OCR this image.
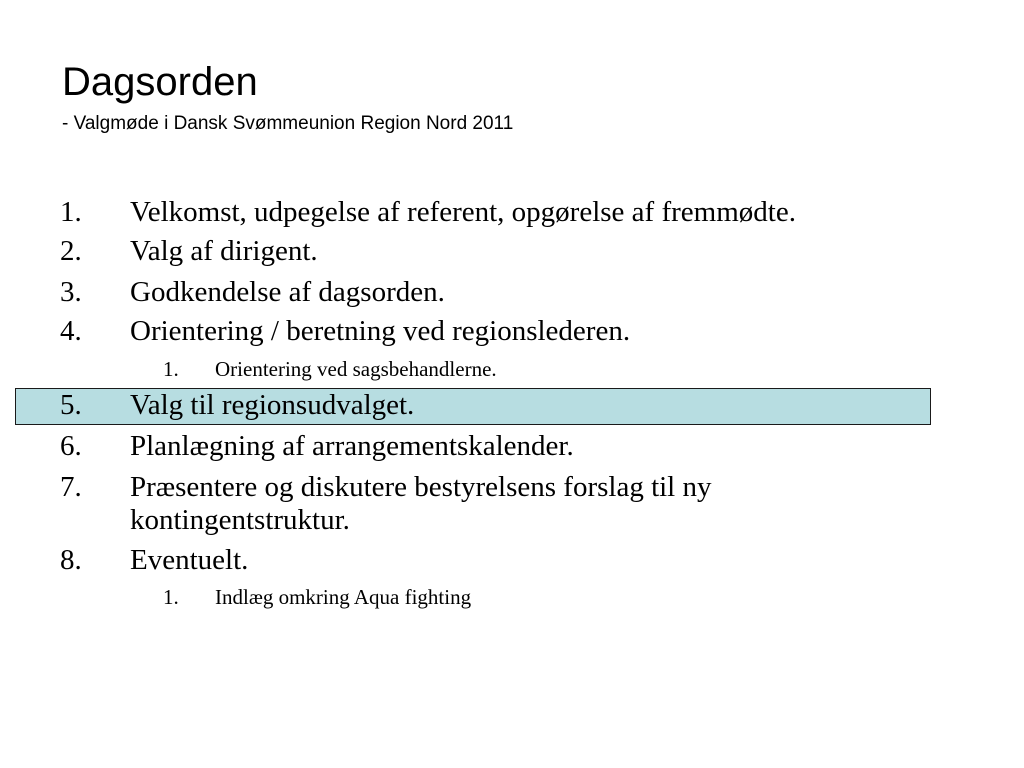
Dagsorden

- Valgmøde i Dansk Svømmeunion Region Nord 2011

1. Velkomst, udpegelse af referent, opgørelse af fremmødte.
2. Valg af dirigent.
3. Godkendelse af dagsorden.
4. Orientering / beretning ved regionslederen.
1. Orientering ved sagsbehandlerne.
5. Valg til regionsudvalget.
6. Planlægning af arrangementskalender.
7. Præsentere og diskutere bestyrelsens forslag til ny kontingentstruktur.
8. Eventuelt.
1. Indlæg omkring Aqua fighting
